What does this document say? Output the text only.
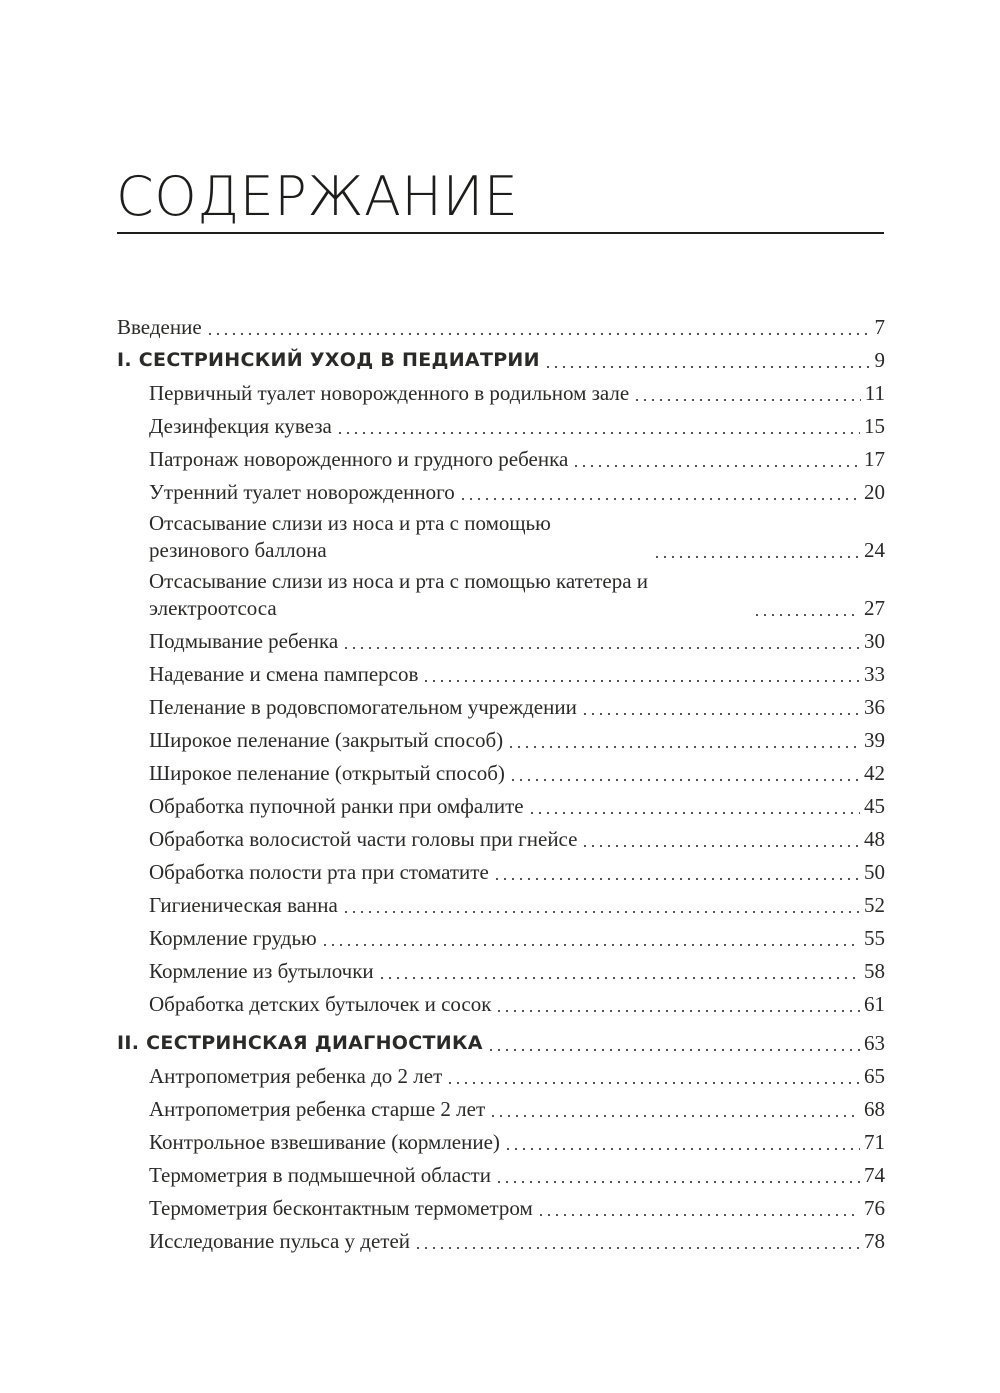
СОДЕРЖАНИЕ
Введение	7
I. СЕСТРИНСКИЙ УХОД В ПЕДИАТРИИ	9
Первичный туалет новорожденного в родильном зале	11
Дезинфекция кувеза	15
Патронаж новорожденного и грудного ребенка	17
Утренний туалет новорожденного	20
Отсасывание слизи из носа и рта с помощью резинового баллона	24
Отсасывание слизи из носа и рта с помощью катетера и электроотсоса	27
Подмывание ребенка	30
Надевание и смена памперсов	33
Пеленание в родовспомогательном учреждении	36
Широкое пеленание (закрытый способ)	39
Широкое пеленание (открытый способ)	42
Обработка пупочной ранки при омфалите	45
Обработка волосистой части головы при гнейсе	48
Обработка полости рта при стоматите	50
Гигиеническая ванна	52
Кормление грудью	55
Кормление из бутылочки	58
Обработка детских бутылочек и сосок	61
II. СЕСТРИНСКАЯ ДИАГНОСТИКА	63
Антропометрия ребенка до 2 лет	65
Антропометрия ребенка старше 2 лет	68
Контрольное взвешивание (кормление)	71
Термометрия в подмышечной области	74
Термометрия бесконтактным термометром	76
Исследование пульса у детей	78
